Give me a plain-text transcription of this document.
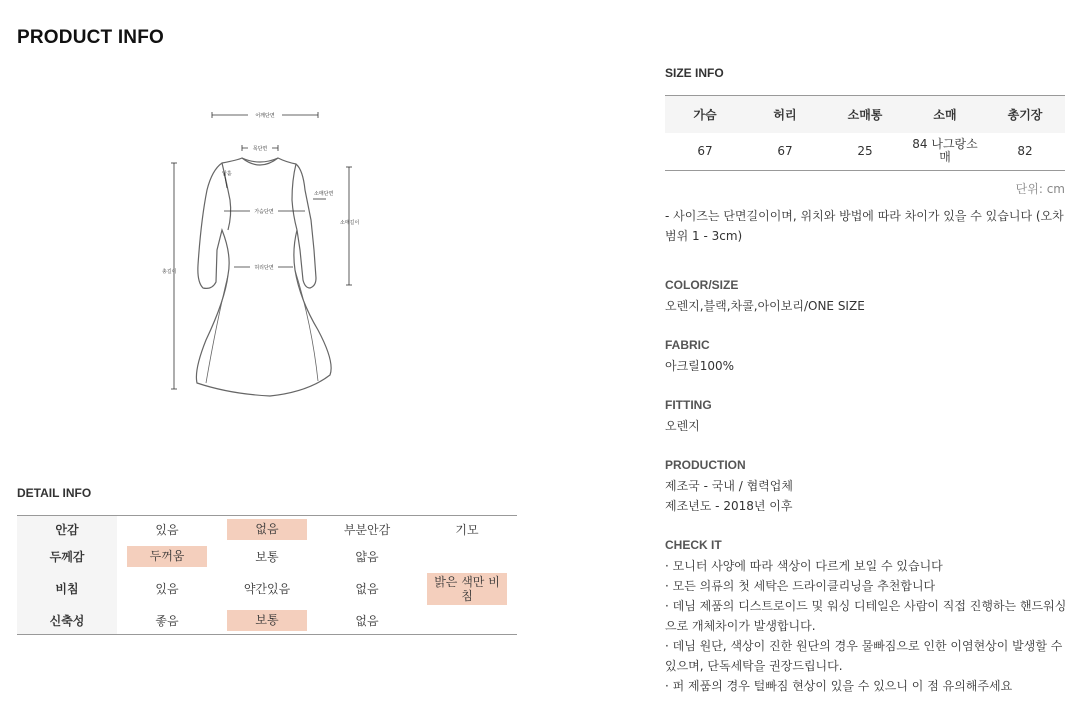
PRODUCT INFO
어깨단면
목단면
암홀
소매단면
가슴단면
소매길이
총길이
허리단면
DETAIL INFO
안감	있음	없음	부분안감	기모
두께감	두꺼움	보통	얇음	
비침	있음	약간있음	없음	밝은 색만 비침
신축성	좋음	보통	없음	
SIZE INFO
가슴	허리	소매통	소매	총기장
67	67	25	84 나그랑소매	82
단위: cm
- 사이즈는 단면길이이며, 위치와 방법에 따라 차이가 있을 수 있습니다 (오차범위 1 - 3cm)
COLOR/SIZE
오렌지,블랙,차콜,아이보리/ONE SIZE
FABRIC
아크릴100%
FITTING
오렌지
PRODUCTION
제조국 - 국내 / 협력업체
제조년도 - 2018년 이후
CHECK IT
· 모니터 사양에 따라 색상이 다르게 보일 수 있습니다
· 모든 의류의 첫 세탁은 드라이클리닝을 추천합니다
· 데님 제품의 디스트로이드 및 워싱 디테일은 사람이 직접 진행하는 핸드워싱으로 개체차이가 발생합니다.
· 데님 원단, 색상이 진한 원단의 경우 물빠짐으로 인한 이염현상이 발생할 수 있으며, 단독세탁을 권장드립니다.
· 퍼 제품의 경우 털빠짐 현상이 있을 수 있으니 이 점 유의해주세요
